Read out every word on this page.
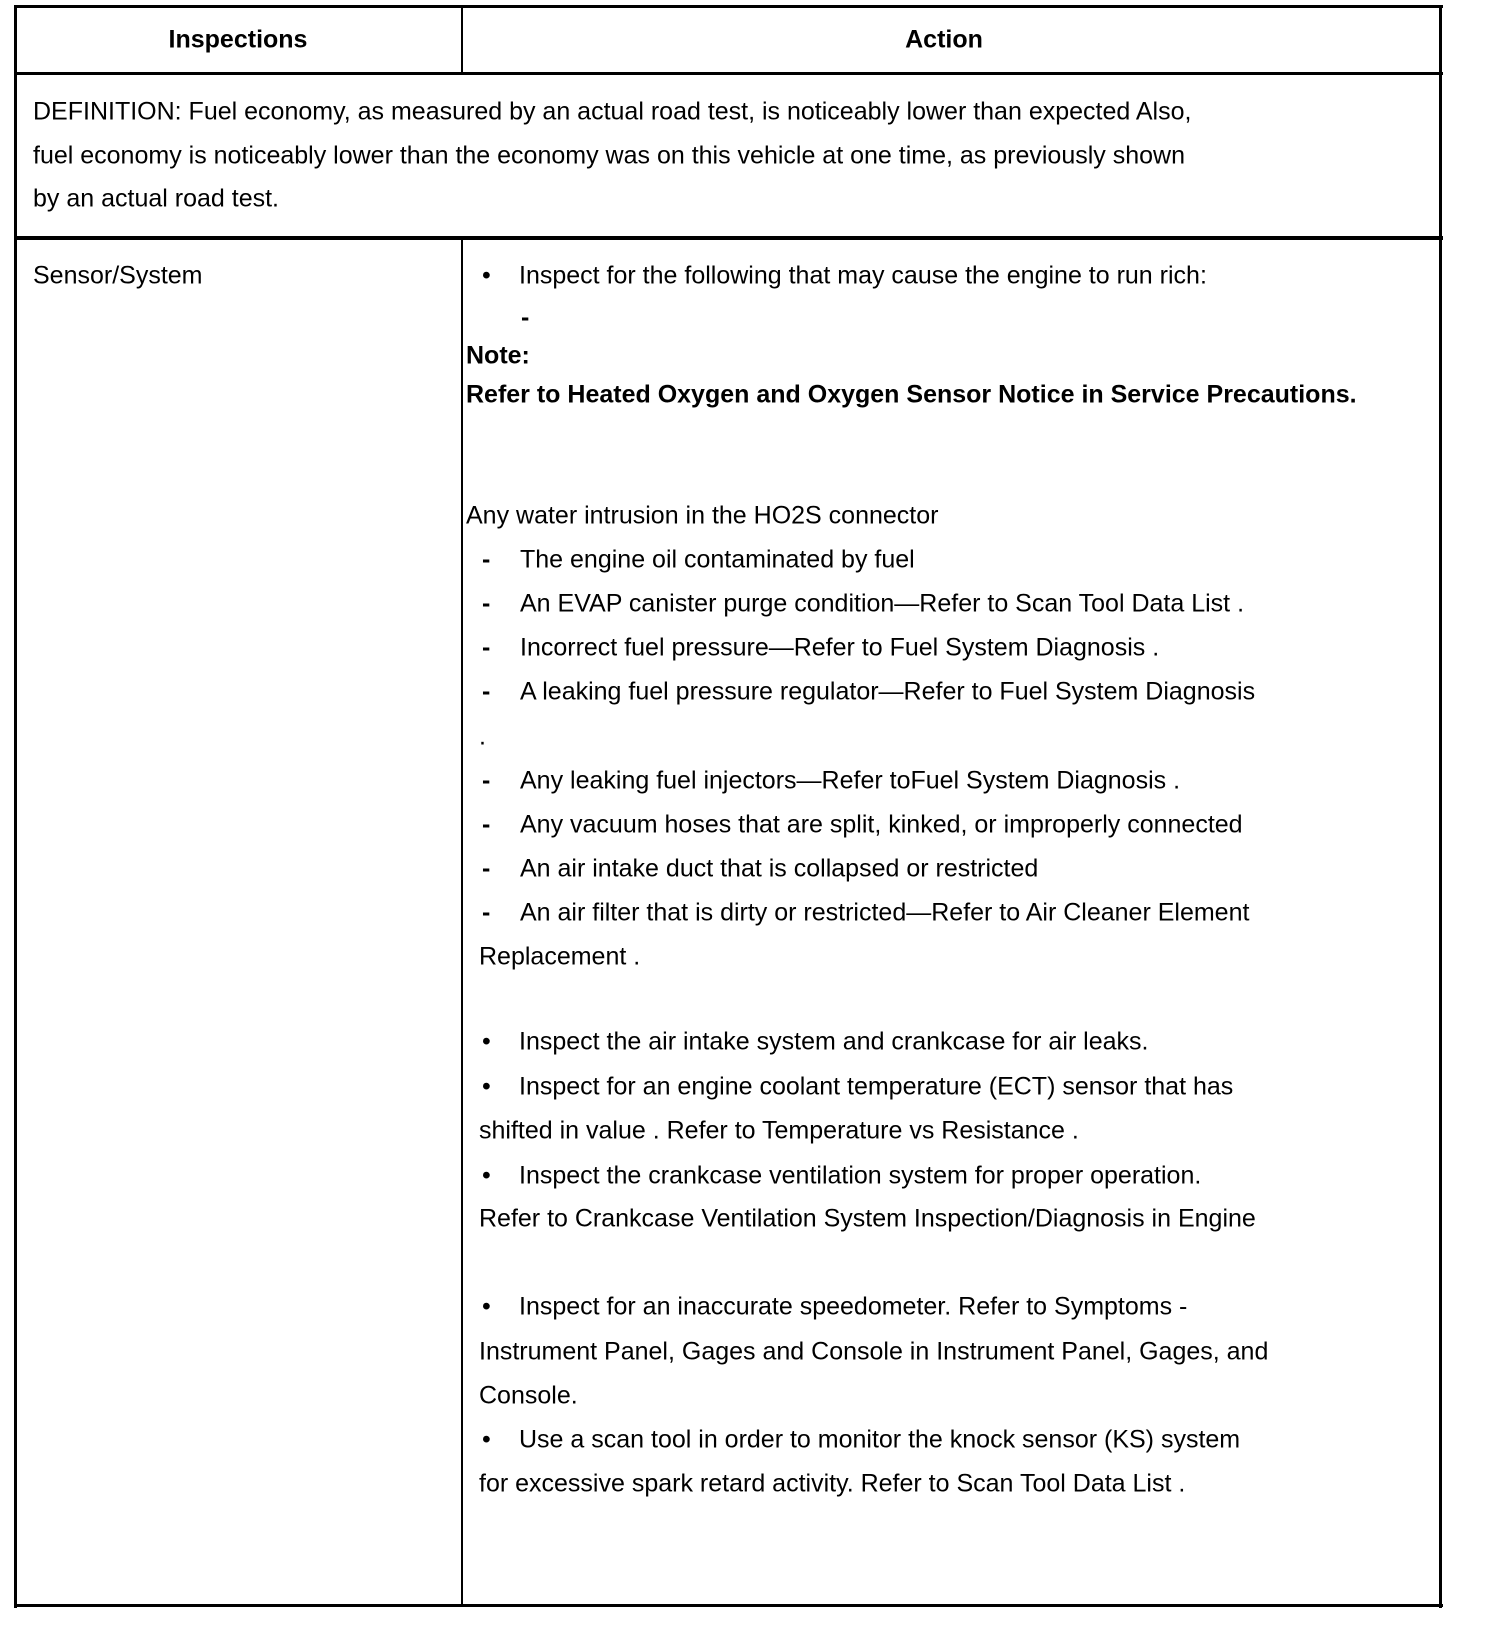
Inspections	Action
DEFINITION: Fuel economy, as measured by an actual road test, is noticeably lower than expected Also,
fuel economy is noticeably lower than the economy was on this vehicle at one time, as previously shown
by an actual road test.
Sensor/System	• Inspect for the following that may cause the engine to run rich:
-
Note:
Refer to Heated Oxygen and Oxygen Sensor Notice in Service Precautions.
Any water intrusion in the HO2S connector
- The engine oil contaminated by fuel
- An EVAP canister purge condition—Refer to Scan Tool Data List .
- Incorrect fuel pressure—Refer to Fuel System Diagnosis .
- A leaking fuel pressure regulator—Refer to Fuel System Diagnosis
.
- Any leaking fuel injectors—Refer toFuel System Diagnosis .
- Any vacuum hoses that are split, kinked, or improperly connected
- An air intake duct that is collapsed or restricted
- An air filter that is dirty or restricted—Refer to Air Cleaner Element
Replacement .
• Inspect the air intake system and crankcase for air leaks.
• Inspect for an engine coolant temperature (ECT) sensor that has
shifted in value . Refer to Temperature vs Resistance .
• Inspect the crankcase ventilation system for proper operation.
Refer to Crankcase Ventilation System Inspection/Diagnosis in Engine
• Inspect for an inaccurate speedometer. Refer to Symptoms -
Instrument Panel, Gages and Console in Instrument Panel, Gages, and
Console.
• Use a scan tool in order to monitor the knock sensor (KS) system
for excessive spark retard activity. Refer to Scan Tool Data List .
